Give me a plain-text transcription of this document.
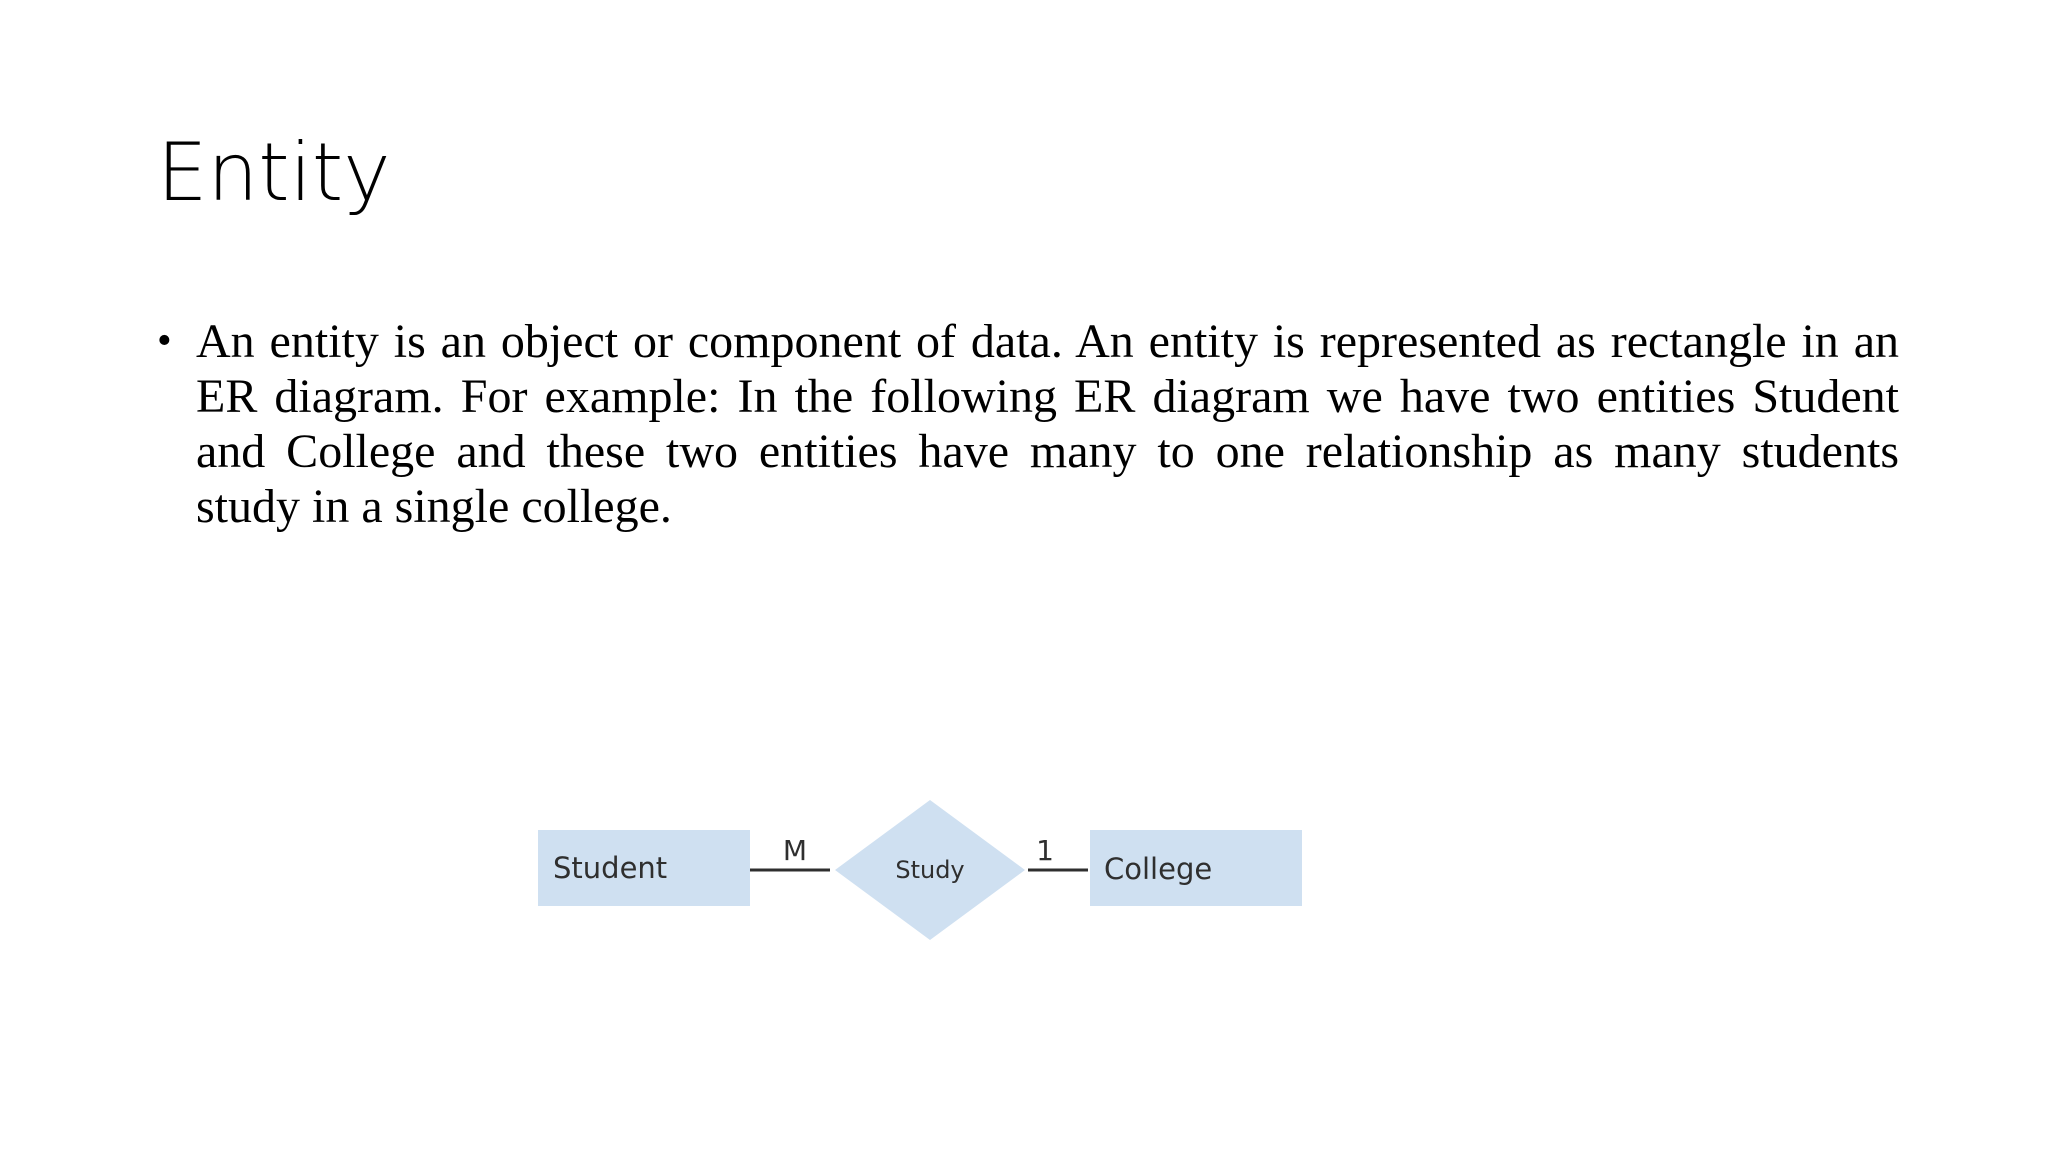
Entity
• An entity is an object or component of data. An entity is represented as rectangle in an ER diagram. For example: In the following ER diagram we have two entities Student and College and these two entities have many to one relationship as many students study in a single college.
Student
M
Study
1
College
